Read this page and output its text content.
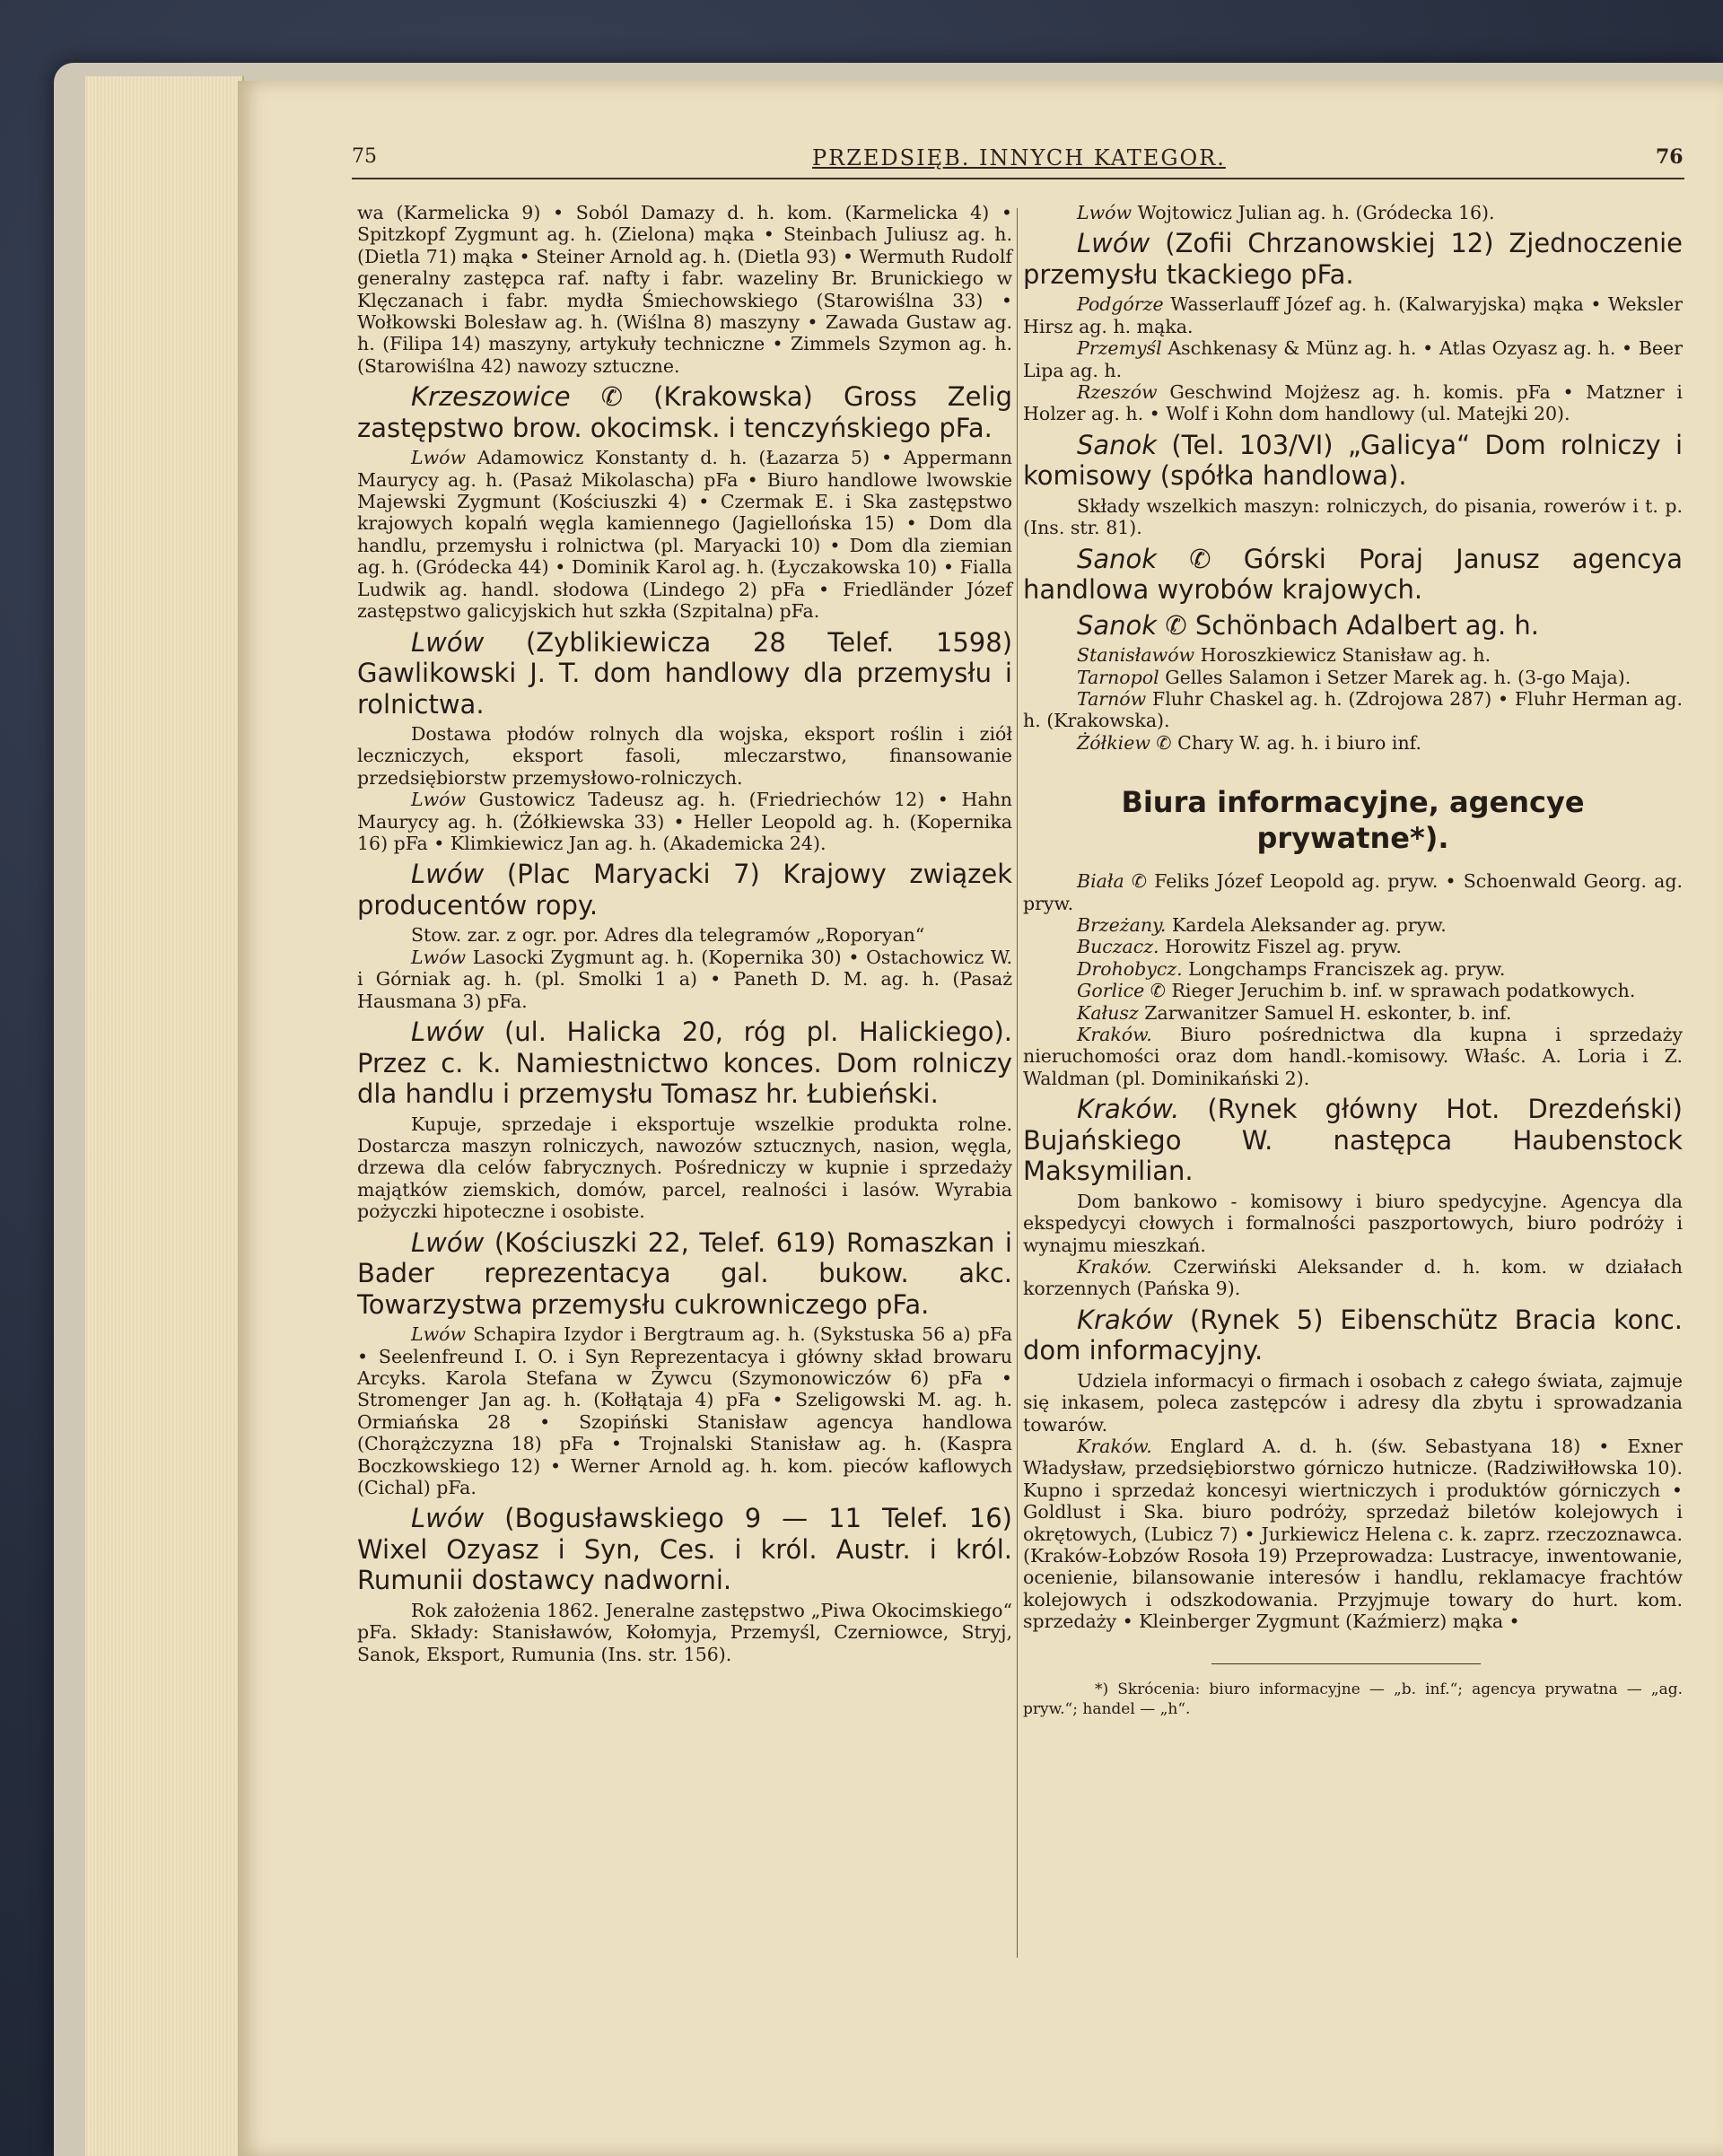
75	PRZEDSIĘB. INNYCH KATEGOR.	76

wa (Karmelicka 9) • Soból Damazy d. h. kom. (Karmelicka 4) • Spitzkopf Zygmunt ag. h. (Zielona) mąka • Steinbach Juliusz ag. h. (Dietla 71) mąka • Steiner Arnold ag. h. (Dietla 93) • Wermuth Rudolf generalny zastępca raf. nafty i fabr. wazeliny Br. Brunickiego w Klęczanach i fabr. mydła Śmiechowskiego (Starowiślna 33) • Wołkowski Bolesław ag. h. (Wiślna 8) maszyny • Zawada Gustaw ag. h. (Filipa 14) maszyny, artykuły techniczne • Zimmels Szymon ag. h. (Starowiślna 42) nawozy sztuczne.

Krzeszowice ✆ (Krakowska) Gross Zelig zastępstwo brow. okocimsk. i tenczyńskiego pFa.

Lwów Adamowicz Konstanty d. h. (Łazarza 5) • Appermann Maurycy ag. h. (Pasaż Mikolascha) pFa • Biuro handlowe lwowskie Majewski Zygmunt (Kościuszki 4) • Czermak E. i Ska zastępstwo krajowych kopalń węgla kamiennego (Jagiellońska 15) • Dom dla handlu, przemysłu i rolnictwa (pl. Maryacki 10) • Dom dla ziemian ag. h. (Gródecka 44) • Dominik Karol ag. h. (Łyczakowska 10) • Fialla Ludwik ag. handl. słodowa (Lindego 2) pFa • Friedländer Józef zastępstwo galicyjskich hut szkła (Szpitalna) pFa.

Lwów (Zyblikiewicza 28 Telef. 1598) Gawlikowski J. T. dom handlowy dla przemysłu i rolnictwa.

Dostawa płodów rolnych dla wojska, eksport roślin i ziół leczniczych, eksport fasoli, mleczarstwo, finansowanie przedsiębiorstw przemysłowo-rolniczych.

Lwów Gustowicz Tadeusz ag. h. (Friedriechów 12) • Hahn Maurycy ag. h. (Żółkiewska 33) • Heller Leopold ag. h. (Kopernika 16) pFa • Klimkiewicz Jan ag. h. (Akademicka 24).

Lwów (Plac Maryacki 7) Krajowy związek producentów ropy.

Stow. zar. z ogr. por. Adres dla telegramów „Roporyan“

Lwów Lasocki Zygmunt ag. h. (Kopernika 30) • Ostachowicz W. i Górniak ag. h. (pl. Smolki 1 a) • Paneth D. M. ag. h. (Pasaż Hausmana 3) pFa.

Lwów (ul. Halicka 20, róg pl. Halickiego). Przez c. k. Namiestnictwo konces. Dom rolniczy dla handlu i przemysłu Tomasz hr. Łubieński.

Kupuje, sprzedaje i eksportuje wszelkie produkta rolne. Dostarcza maszyn rolniczych, nawozów sztucznych, nasion, węgla, drzewa dla celów fabrycznych. Pośredniczy w kupnie i sprzedaży majątków ziemskich, domów, parcel, realności i lasów. Wyrabia pożyczki hipoteczne i osobiste.

Lwów (Kościuszki 22, Telef. 619) Romaszkan i Bader reprezentacya gal. bukow. akc. Towarzystwa przemysłu cukrowniczego pFa.

Lwów Schapira Izydor i Bergtraum ag. h. (Sykstuska 56 a) pFa • Seelenfreund I. O. i Syn Reprezentacya i główny skład browaru Arcyks. Karola Stefana w Żywcu (Szymonowiczów 6) pFa • Stromenger Jan ag. h. (Kołłątaja 4) pFa • Szeligowski M. ag. h. Ormiańska 28 • Szopiński Stanisław agencya handlowa (Chorążczyzna 18) pFa • Trojnalski Stanisław ag. h. (Kaspra Boczkowskiego 12) • Werner Arnold ag. h. kom. pieców kaflowych (Cichal) pFa.

Lwów (Bogusławskiego 9 — 11 Telef. 16) Wixel Ozyasz i Syn, Ces. i król. Austr. i król. Rumunii dostawcy nadworni.

Rok założenia 1862. Jeneralne zastępstwo „Piwa Okocimskiego“ pFa. Składy: Stanisławów, Kołomyja, Przemyśl, Czerniowce, Stryj, Sanok, Eksport, Rumunia (Ins. str. 156).

Lwów Wojtowicz Julian ag. h. (Gródecka 16).

Lwów (Zofii Chrzanowskiej 12) Zjednoczenie przemysłu tkackiego pFa.

Podgórze Wasserlauff Józef ag. h. (Kalwaryjska) mąka • Weksler Hirsz ag. h. mąka.

Przemyśl Aschkenasy & Münz ag. h. • Atlas Ozyasz ag. h. • Beer Lipa ag. h.

Rzeszów Geschwind Mojżesz ag. h. komis. pFa • Matzner i Holzer ag. h. • Wolf i Kohn dom handlowy (ul. Matejki 20).

Sanok (Tel. 103/VI) „Galicya“ Dom rolniczy i komisowy (spółka handlowa).

Składy wszelkich maszyn: rolniczych, do pisania, rowerów i t. p. (Ins. str. 81).

Sanok ✆ Górski Poraj Janusz agencya handlowa wyrobów krajowych.

Sanok ✆ Schönbach Adalbert ag. h.

Stanisławów Horoszkiewicz Stanisław ag. h.

Tarnopol Gelles Salamon i Setzer Marek ag. h. (3-go Maja).

Tarnów Fluhr Chaskel ag. h. (Zdrojowa 287) • Fluhr Herman ag. h. (Krakowska).

Żółkiew ✆ Chary W. ag. h. i biuro inf.

Biura informacyjne, agencye prywatne*).

Biała ✆ Feliks Józef Leopold ag. pryw. • Schoenwald Georg. ag. pryw.

Brzeżany. Kardela Aleksander ag. pryw.

Buczacz. Horowitz Fiszel ag. pryw.

Drohobycz. Longchamps Franciszek ag. pryw.

Gorlice ✆ Rieger Jeruchim b. inf. w sprawach podatkowych.

Kałusz Zarwanitzer Samuel H. eskonter, b. inf.

Kraków. Biuro pośrednictwa dla kupna i sprzedaży nieruchomości oraz dom handl.-komisowy. Właśc. A. Loria i Z. Waldman (pl. Dominikański 2).

Kraków. (Rynek główny Hot. Drezdeński) Bujańskiego W. następca Haubenstock Maksymilian.

Dom bankowo - komisowy i biuro spedycyjne. Agencya dla ekspedycyi cłowych i formalności paszportowych, biuro podróży i wynajmu mieszkań.

Kraków. Czerwiński Aleksander d. h. kom. w działach korzennych (Pańska 9).

Kraków (Rynek 5) Eibenschütz Bracia konc. dom informacyjny.

Udziela informacyi o firmach i osobach z całego świata, zajmuje się inkasem, poleca zastępców i adresy dla zbytu i sprowadzania towarów.

Kraków. Englard A. d. h. (św. Sebastyana 18) • Exner Władysław, przedsiębiorstwo górniczo hutnicze. (Radziwiłłowska 10). Kupno i sprzedaż koncesyi wiertniczych i produktów górniczych • Goldlust i Ska. biuro podróży, sprzedaż biletów kolejowych i okrętowych, (Lubicz 7) • Jurkiewicz Helena c. k. zaprz. rzeczoznawca. (Kraków-Łobzów Rosoła 19) Przeprowadza: Lustracye, inwentowanie, ocenienie, bilansowanie interesów i handlu, reklamacye frachtów kolejowych i odszkodowania. Przyjmuje towary do hurt. kom. sprzedaży • Kleinberger Zygmunt (Kaźmierz) mąka •

*) Skrócenia: biuro informacyjne — „b. inf.“; agencya prywatna — „ag. pryw.“; handel — „h“.
